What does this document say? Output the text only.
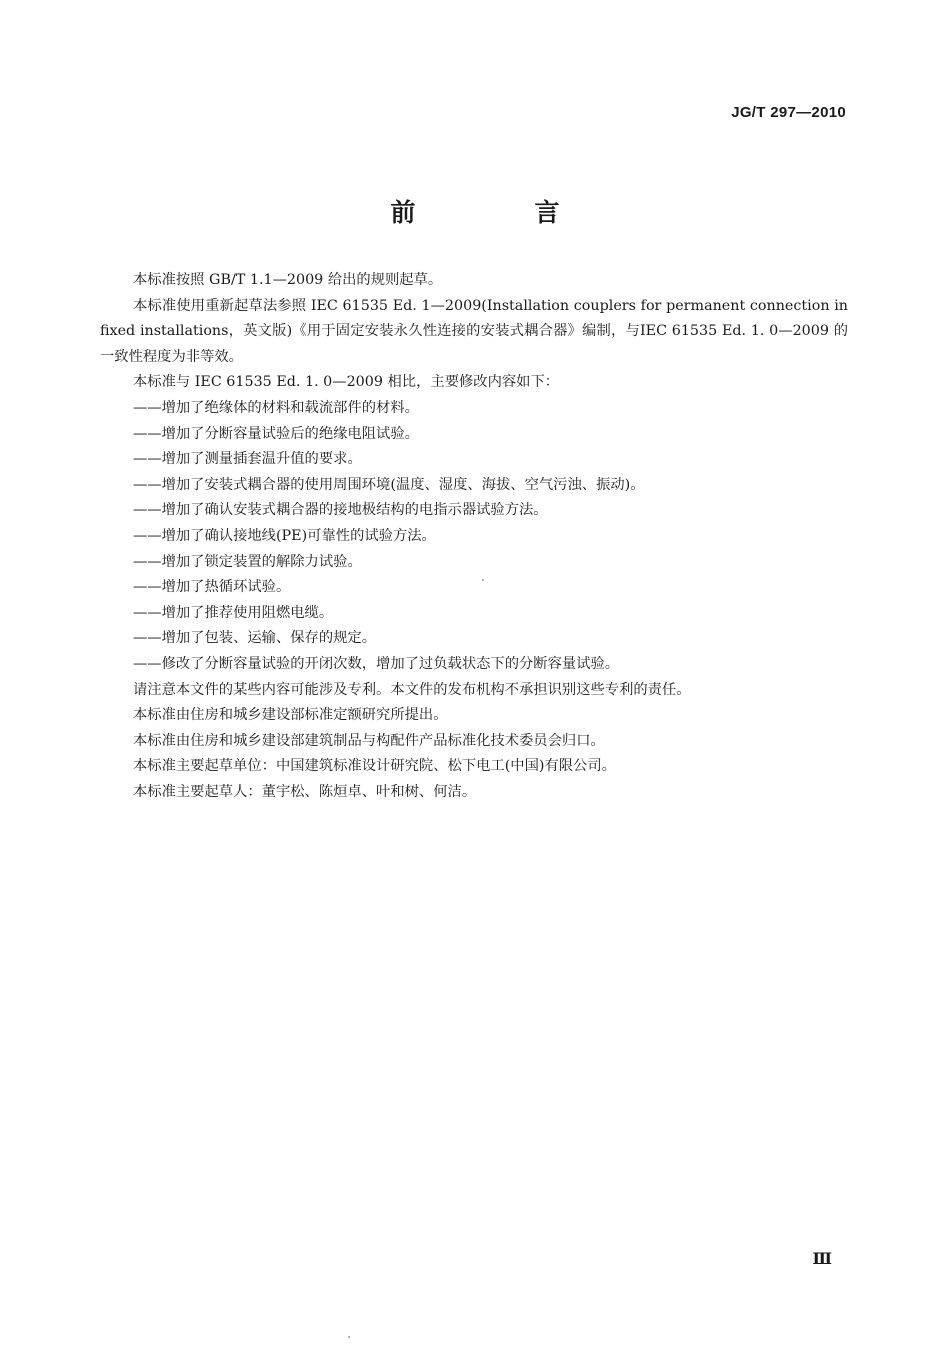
JG/T 297—2010
前　言

本标准按照 GB/T 1.1—2009 给出的规则起草。

本标准使用重新起草法参照 IEC 61535 Ed. 1—2009(Installation couplers for permanent connection in fixed installations，英文版)《用于固定安装永久性连接的安装式耦合器》编制，与IEC 61535 Ed. 1. 0—2009 的一致性程度为非等效。

本标准与 IEC 61535 Ed. 1. 0—2009 相比，主要修改内容如下：

——增加了绝缘体的材料和载流部件的材料。

——增加了分断容量试验后的绝缘电阻试验。

——增加了测量插套温升值的要求。

——增加了安装式耦合器的使用周围环境(温度、湿度、海拔、空气污浊、振动)。

——增加了确认安装式耦合器的接地极结构的电指示器试验方法。

——增加了确认接地线(PE)可靠性的试验方法。

——增加了锁定装置的解除力试验。

——增加了热循环试验。

——增加了推荐使用阻燃电缆。

——增加了包装、运输、保存的规定。

——修改了分断容量试验的开闭次数，增加了过负载状态下的分断容量试验。

请注意本文件的某些内容可能涉及专利。本文件的发布机构不承担识别这些专利的责任。

本标准由住房和城乡建设部标准定额研究所提出。

本标准由住房和城乡建设部建筑制品与构配件产品标准化技术委员会归口。

本标准主要起草单位：中国建筑标准设计研究院、松下电工(中国)有限公司。

本标准主要起草人：董宇松、陈烜卓、叶和树、何洁。

Ⅲ
